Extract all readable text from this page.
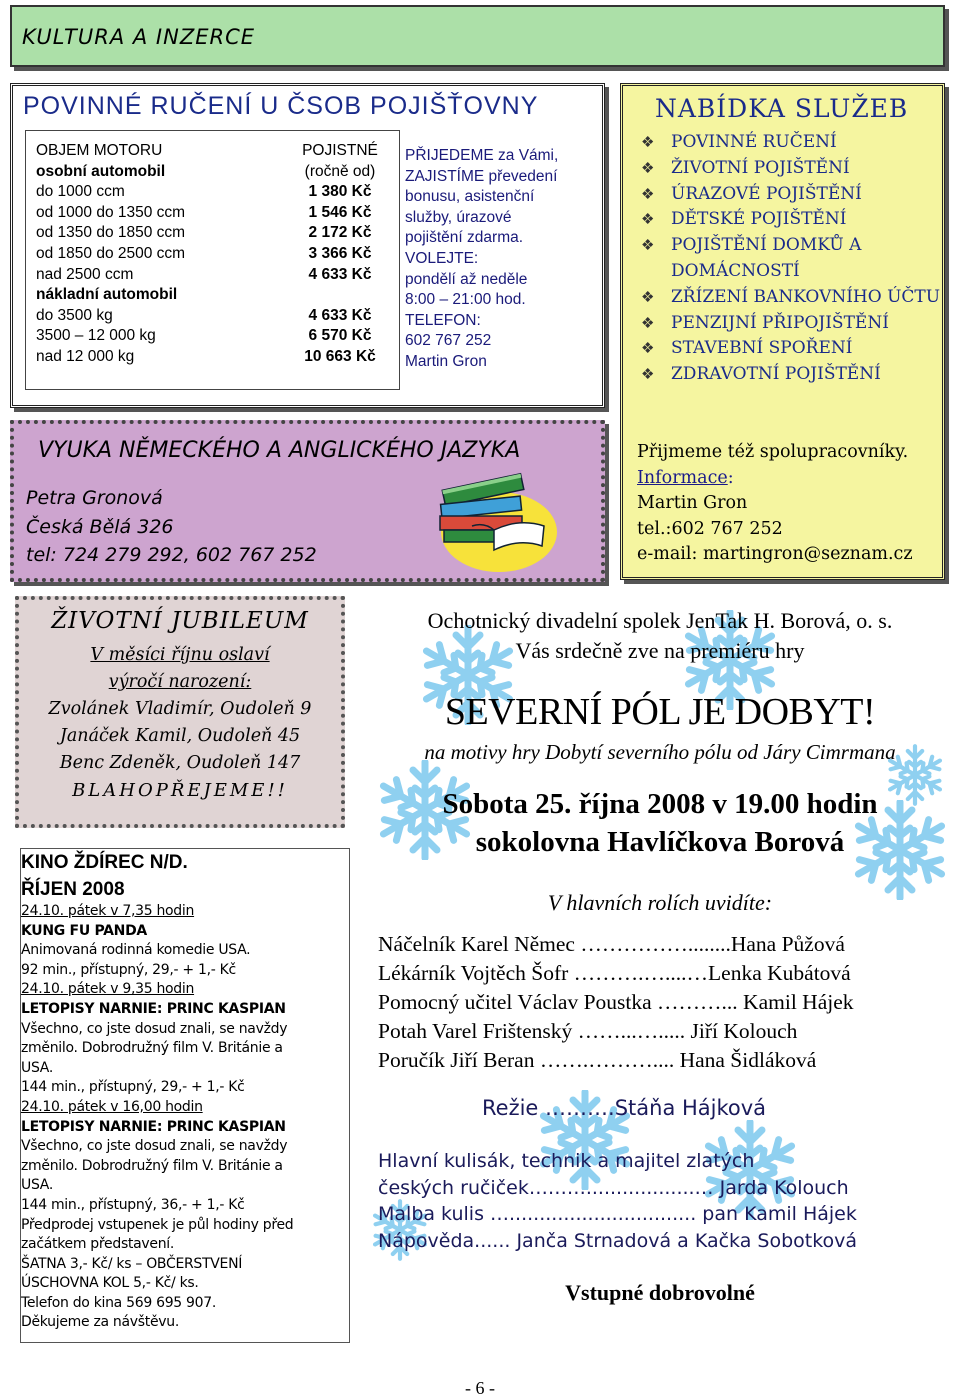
KULTURA A INZERCE
POVINNÉ RUČENÍ U ČSOB POJIŠŤOVNY
OBJEM MOTORU	POJISTNÉ
osobní automobil	(ročně od)
do 1000 ccm	1 380 Kč
od 1000 do 1350 ccm	1 546 Kč
od 1350 do 1850 ccm	2 172 Kč
od 1850 do 2500 ccm	3 366 Kč
nad 2500 ccm	4 633 Kč
nákladní automobil
do 3500 kg	4 633 Kč
3500 – 12 000 kg	6 570 Kč
nad 12 000 kg	10 663 Kč
PŘIJEDEME za Vámi,
ZAJISTÍME převedení
bonusu, asistenční
služby, úrazové
pojištění zdarma.
VOLEJTE:
pondělí až neděle
8:00 – 21:00 hod.
TELEFON:
602 767 252
Martin Gron
NABÍDKA SLUŽEB
❖ POVINNÉ RUČENÍ
❖ ŽIVOTNÍ POJIŠTĚNÍ
❖ ÚRAZOVÉ POJIŠTĚNÍ
❖ DĚTSKÉ POJIŠTĚNÍ
❖ POJIŠTĚNÍ DOMKŮ A DOMÁCNOSTÍ
❖ ZŘÍZENÍ BANKOVNÍHO ÚČTU
❖ PENZIJNÍ PŘIPOJIŠTĚNÍ
❖ STAVEBNÍ SPOŘENÍ
❖ ZDRAVOTNÍ POJIŠTĚNÍ
Přijmeme též spolupracovníky.
Informace:
Martin Gron
tel.:602 767 252
e-mail: martingron@seznam.cz
VYUKA NĚMECKÉHO A ANGLICKÉHO JAZYKA
Petra Gronová
Česká Bělá 326
tel: 724 279 292, 602 767 252
ŽIVOTNÍ JUBILEUM
V měsíci říjnu oslaví
výročí narození:
Zvolánek Vladimír, Oudoleň 9
Janáček Kamil, Oudoleň 45
Benc Zdeněk, Oudoleň 147
BLAHOPŘEJEME!!
KINO ŽDÍREC N/D.
ŘÍJEN 2008
24.10. pátek v 7,35 hodin
KUNG FU PANDA
Animovaná rodinná komedie USA.
92 min., přístupný, 29,- + 1,- Kč
24.10. pátek v 9,35 hodin
LETOPISY NARNIE: PRINC KASPIAN
Všechno, co jste dosud znali, se navždy
změnilo. Dobrodružný film V. Británie a
USA.
144 min., přístupný, 29,- + 1,- Kč
24.10. pátek v 16,00 hodin
LETOPISY NARNIE: PRINC KASPIAN
Všechno, co jste dosud znali, se navždy
změnilo. Dobrodružný film V. Británie a
USA.
144 min., přístupný, 36,- + 1,- Kč
Předprodej vstupenek je půl hodiny před
začátkem představení.
ŠATNA 3,- Kč/ ks – OBČERSTVENÍ
ÚSCHOVNA KOL 5,- Kč/ ks.
Telefon do kina 569 695 907.
Děkujeme za návštěvu.
Ochotnický divadelní spolek JenTak H. Borová, o. s.
Vás srdečně zve na premiéru hry
SEVERNÍ PÓL JE DOBYT!
na motivy hry Dobytí severního pólu od Járy Cimrmana
Sobota 25. října 2008 v 19.00 hodin
sokolovna Havlíčkova Borová
V hlavních rolích uvidíte:
Náčelník Karel Němec ……………........Hana Půžová
Lékárník Vojtěch Šofr ……….…....…Lenka Kubátová
Pomocný učitel Václav Poustka ………... Kamil Hájek
Potah Varel Frištenský ……...…..... Jiří Kolouch
Poručík Jiří Beran …….……….... Hana Šidláková
Režie ……….Stáňa Hájková
Hlavní kulisák, technik a majitel zlatých
českých ručiček………..................… Jarda Kolouch
Malba kulis …............................... pan Kamil Hájek
Nápověda...... Janča Strnadová a Kačka Sobotková
Vstupné dobrovolné
- 6 -
